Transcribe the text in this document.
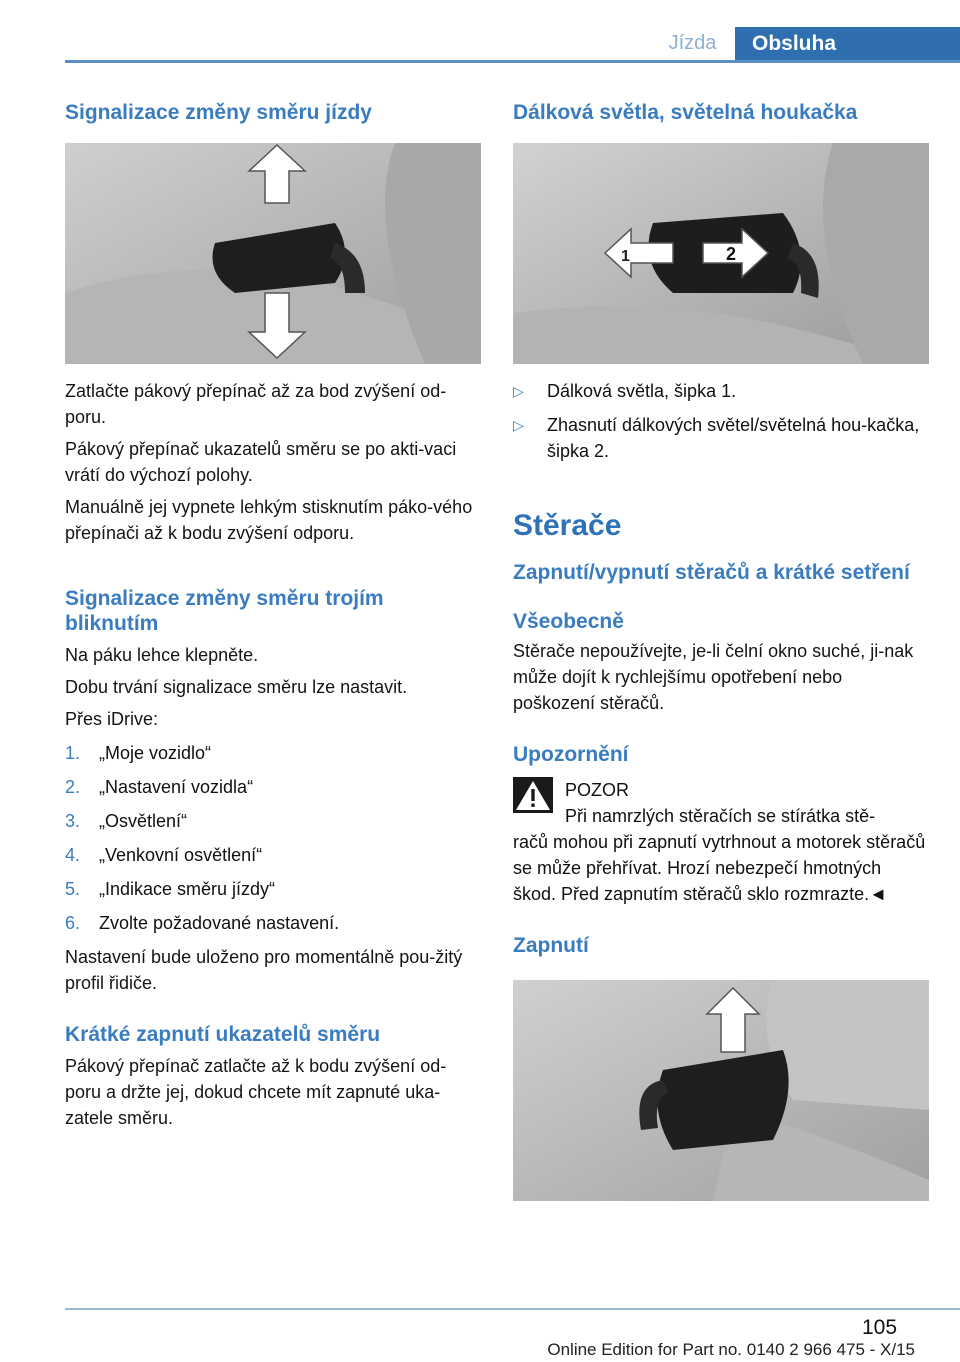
Jízda	Obsluha
Signalizace změny směru jízdy

Zatlačte pákový přepínač až za bod zvýšení od-poru.

Pákový přepínač ukazatelů směru se po akti-vaci vrátí do výchozí polohy.

Manuálně jej vypnete lehkým stisknutím páko-vého přepínači až k bodu zvýšení odporu.

Signalizace změny směru trojím bliknutím

Na páku lehce klepněte.

Dobu trvání signalizace směru lze nastavit.

Přes iDrive:

1.	„Moje vozidlo“
2.	„Nastavení vozidla“
3.	„Osvětlení“
4.	„Venkovní osvětlení“
5.	„Indikace směru jízdy“
6.	Zvolte požadované nastavení.

Nastavení bude uloženo pro momentálně pou-žitý profil řidiče.

Krátké zapnutí ukazatelů směru

Pákový přepínač zatlačte až k bodu zvýšení od-poru a držte jej, dokud chcete mít zapnuté uka-zatele směru.

Dálková světla, světelná houkačka
1	2
▷	Dálková světla, šipka 1.
▷	Zhasnutí dálkových světel/světelná hou-kačka, šipka 2.
Stěrače
Zapnutí/vypnutí stěračů a krátké setření
Všeobecně

Stěrače nepoužívejte, je-li čelní okno suché, ji-nak může dojít k rychlejšímu opotřebení nebo poškození stěračů.

Upozornění
POZOR
Při namrzlých stěračích se stírátka stě-
račů mohou při zapnutí vytrhnout a motorek stěračů se může přehřívat. Hrozí nebezpečí hmotných škod. Před zapnutím stěračů sklo rozmrazte.◄
Zapnutí
105
Online Edition for Part no. 0140 2 966 475 - X/15
